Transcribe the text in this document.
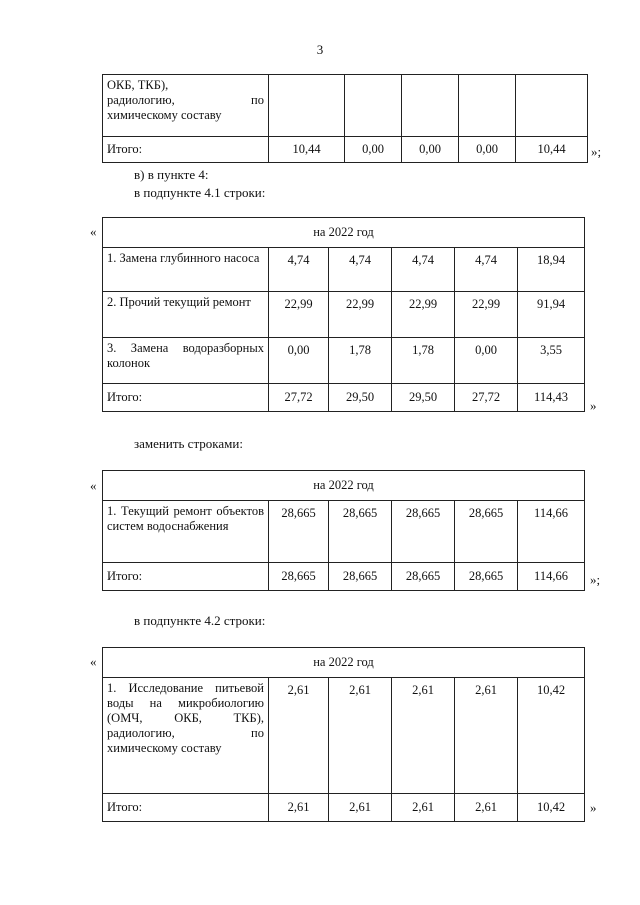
3
ОКБ, ТКБ),
радиологию, по
химическому составу					

Итого:	10,44	0,00	0,00	0,00	10,44 »;
в) в пункте 4:
в подпункте 4.1 строки:
«	на 2022 год					
1. Замена глубинного насоса	4,74	4,74	4,74	4,74	18,94
2. Прочий текущий ремонт	22,99	22,99	22,99	22,99	91,94
3. Замена водоразборных колонок	0,00	1,78	1,78	0,00	3,55
Итого:	27,72	29,50	29,50	27,72	114,43
»
заменить строками:
«	на 2022 год					
1. Текущий ремонт объектов систем водоснабжения	28,665	28,665	28,665	28,665	114,66
Итого:	28,665	28,665	28,665	28,665	114,66 »;
в подпункте 4.2 строки:
«	на 2022 год					
1. Исследование питьевой воды на микробиологию (ОМЧ, ОКБ, ТКБ), радиологию, по химическому составу	2,61	2,61	2,61	2,61	10,42
Итого:	2,61	2,61	2,61	2,61	10,42 »
